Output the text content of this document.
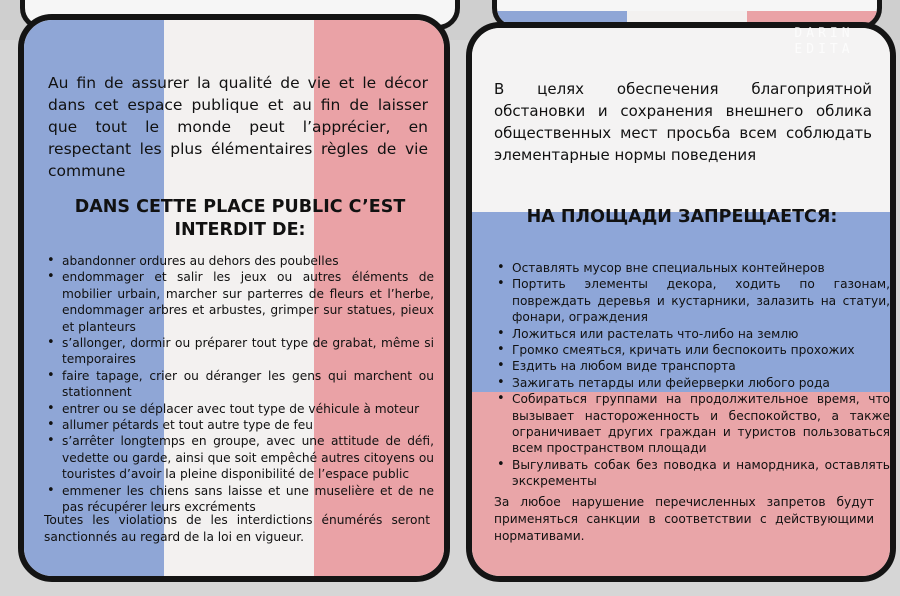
Au fin de assurer la qualité de vie et le décor dans cet espace publique et au fin de laisser que tout le monde peut l’apprécier, en respectant les plus élémentaires règles de vie commune
DANS CETTE PLACE PUBLIC C’EST
INTERDIT DE:
• abandonner ordures au dehors des poubelles
• endommager et salir les jeux ou autres éléments de mobilier urbain, marcher sur parterres de fleurs et l’herbe, endommager arbres et arbustes, grimper sur statues, pieux et planteurs
• s’allonger, dormir ou préparer tout type de grabat, même si temporaires
• faire tapage, crier ou déranger les gens qui marchent ou stationnent
• entrer ou se déplacer avec tout type de véhicule à moteur
• allumer pétards et tout autre type de feu
• s’arrêter longtemps en groupe, avec une attitude de défi, vedette ou garde, ainsi que soit empêché autres citoyens ou touristes d’avoir la pleine disponibilité de l’espace public
• emmener les chiens sans laisse et une muselière et de ne pas récupérer leurs excréments
Toutes les violations de les interdictions énumérés seront sanctionnés au regard de la loi en vigueur.
В целях обеспечения благоприятной обстановки и сохранения внешнего облика общественных мест просьба всем соблюдать элементарные нормы поведения
НА ПЛОЩАДИ ЗАПРЕЩАЕТСЯ:
• Оставлять мусор вне специальных контейнеров
• Портить элементы декора, ходить по газонам, повреждать деревья и кустарники, залазить на статуи, фонари, ограждения
• Ложиться или растелать что-либо на землю
• Громко смеяться, кричать или беспокоить прохожих
• Ездить на любом виде транспорта
• Зажигать петарды или фейерверки любого рода
• Собираться группами на продолжительное время, что вызывает настороженность и беспокойство, а также ограничивает других граждан и туристов пользоваться всем пространством площади
• Выгуливать собак без поводка и намордника, оставлять экскременты
За любое нарушение перечисленных запретов будут применяться санкции в соответствии с действующими нормативами.
DARIN
EDITA
